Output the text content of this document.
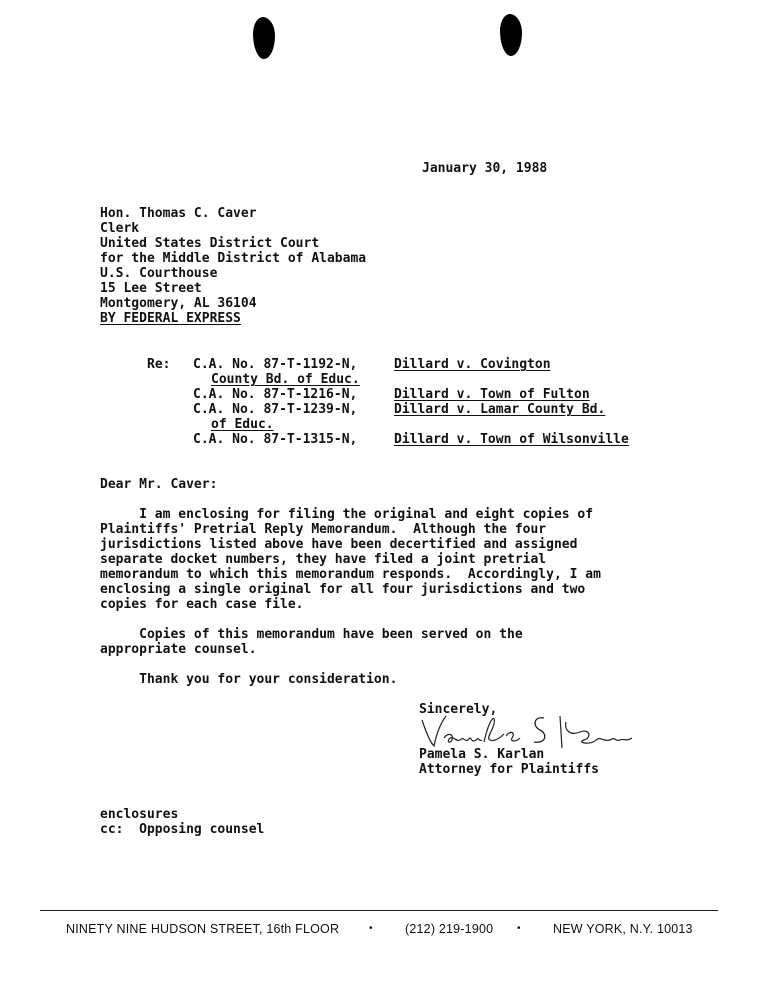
January 30, 1988
Hon. Thomas C. Caver
Clerk
United States District Court
for the Middle District of Alabama
U.S. Courthouse
15 Lee Street
Montgomery, AL 36104
BY FEDERAL EXPRESS
Re: C.A. No. 87-T-1192-N,	Dillard v. Covington
County Bd. of Educ.
C.A. No. 87-T-1216-N,	Dillard v. Town of Fulton
C.A. No. 87-T-1239-N,	Dillard v. Lamar County Bd.
of Educ.
C.A. No. 87-T-1315-N,	Dillard v. Town of Wilsonville
Dear Mr. Caver:
I am enclosing for filing the original and eight copies of
Plaintiffs' Pretrial Reply Memorandum.  Although the four
jurisdictions listed above have been decertified and assigned
separate docket numbers, they have filed a joint pretrial
memorandum to which this memorandum responds.  Accordingly, I am
enclosing a single original for all four jurisdictions and two
copies for each case file.
Copies of this memorandum have been served on the
appropriate counsel.
Thank you for your consideration.
Sincerely,
Pamela S. Karlan
Attorney for Plaintiffs
enclosures
cc:  Opposing counsel
NINETY NINE HUDSON STREET, 16th FLOOR	•	(212) 219-1900 •	NEW YORK, N.Y. 10013
